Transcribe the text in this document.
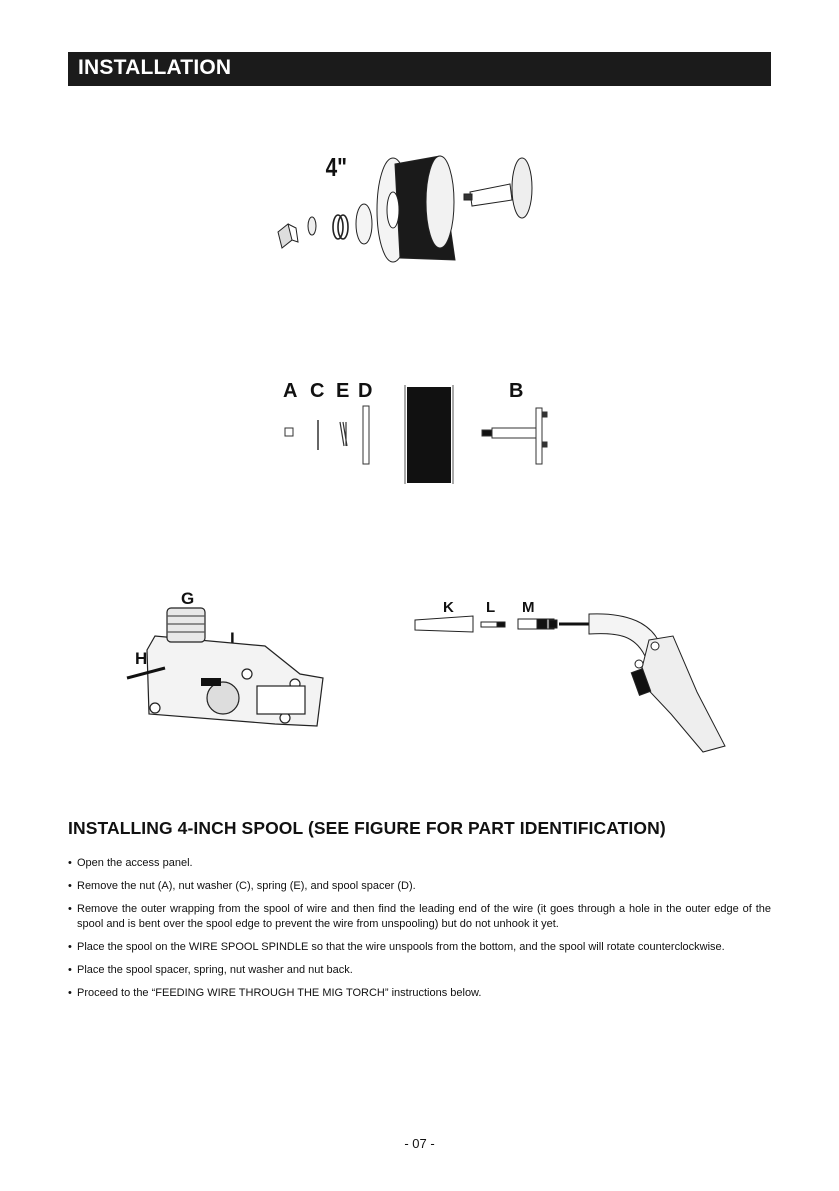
INSTALLATION
4"
A C E D	B
G
H
I
K L M
INSTALLING 4-INCH SPOOL (SEE FIGURE FOR PART IDENTIFICATION)
• Open the access panel.
• Remove the nut (A), nut washer (C), spring (E), and spool spacer (D).
• Remove the outer wrapping from the spool of wire and then find the leading end of the wire (it goes through a hole in the outer edge of the spool and is bent over the spool edge to prevent the wire from unspooling) but do not unhook it yet.
• Place the spool on the WIRE SPOOL SPINDLE so that the wire unspools from the bottom, and the spool will rotate counterclockwise.
• Place the spool spacer, spring, nut washer and nut back.
• Proceed to the “FEEDING WIRE THROUGH THE MIG TORCH” instructions below.
- 07 -
